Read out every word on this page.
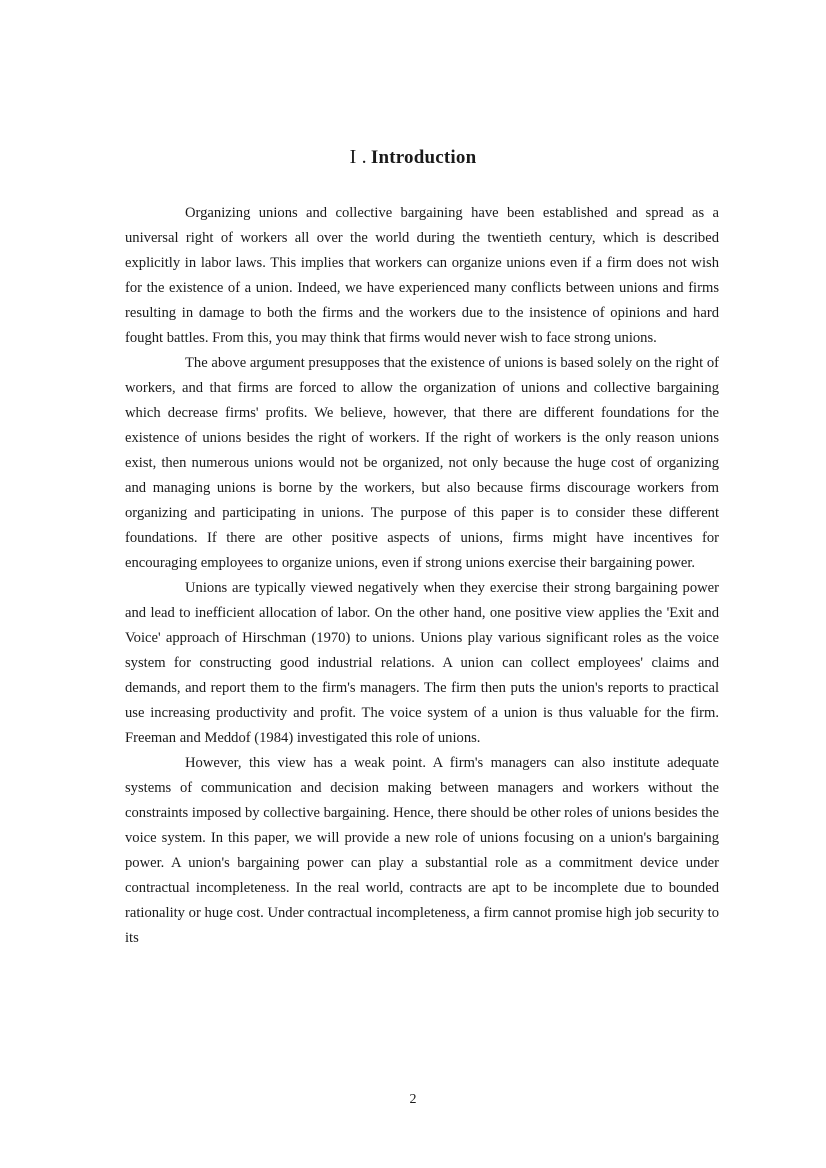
I . Introduction

Organizing unions and collective bargaining have been established and spread as a universal right of workers all over the world during the twentieth century, which is described explicitly in labor laws. This implies that workers can organize unions even if a firm does not wish for the existence of a union. Indeed, we have experienced many conflicts between unions and firms resulting in damage to both the firms and the workers due to the insistence of opinions and hard fought battles. From this, you may think that firms would never wish to face strong unions.

The above argument presupposes that the existence of unions is based solely on the right of workers, and that firms are forced to allow the organization of unions and collective bargaining which decrease firms' profits. We believe, however, that there are different foundations for the existence of unions besides the right of workers. If the right of workers is the only reason unions exist, then numerous unions would not be organized, not only because the huge cost of organizing and managing unions is borne by the workers, but also because firms discourage workers from organizing and participating in unions. The purpose of this paper is to consider these different foundations. If there are other positive aspects of unions, firms might have incentives for encouraging employees to organize unions, even if strong unions exercise their bargaining power.

Unions are typically viewed negatively when they exercise their strong bargaining power and lead to inefficient allocation of labor. On the other hand, one positive view applies the 'Exit and Voice' approach of Hirschman (1970) to unions. Unions play various significant roles as the voice system for constructing good industrial relations. A union can collect employees' claims and demands, and report them to the firm's managers. The firm then puts the union's reports to practical use increasing productivity and profit. The voice system of a union is thus valuable for the firm. Freeman and Meddof (1984) investigated this role of unions.

However, this view has a weak point. A firm's managers can also institute adequate systems of communication and decision making between managers and workers without the constraints imposed by collective bargaining. Hence, there should be other roles of unions besides the voice system. In this paper, we will provide a new role of unions focusing on a union's bargaining power. A union's bargaining power can play a substantial role as a commitment device under contractual incompleteness. In the real world, contracts are apt to be incomplete due to bounded rationality or huge cost. Under contractual incompleteness, a firm cannot promise high job security to its

2
